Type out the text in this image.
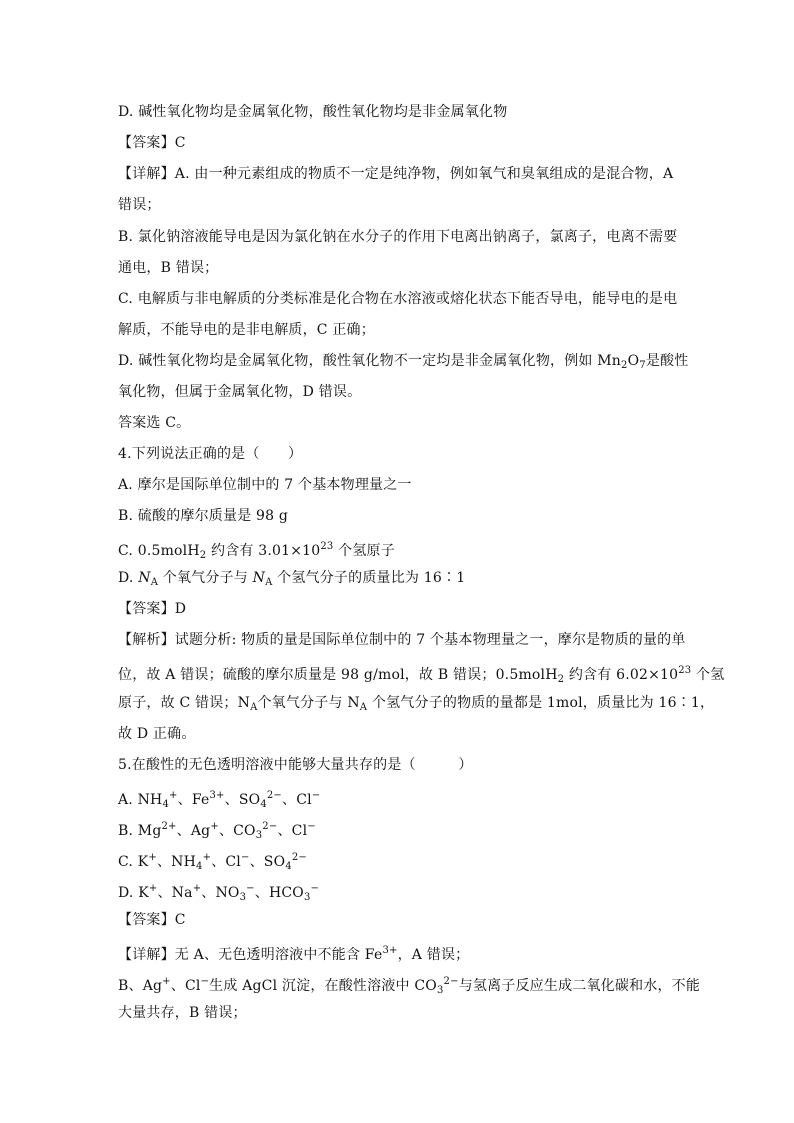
D. 碱性氧化物均是金属氧化物，酸性氧化物均是非金属氧化物
【答案】C
【详解】A. 由一种元素组成的物质不一定是纯净物，例如氧气和臭氧组成的是混合物，A
错误；
B. 氯化钠溶液能导电是因为氯化钠在水分子的作用下电离出钠离子，氯离子，电离不需要
通电，B 错误；
C. 电解质与非电解质的分类标准是化合物在水溶液或熔化状态下能否导电，能导电的是电
解质，不能导电的是非电解质，C 正确；
D. 碱性氧化物均是金属氧化物，酸性氧化物不一定均是非金属氧化物，例如 $Mn_2O_7$是酸性
氧化物，但属于金属氧化物，D 错误。
答案选 C。
4.下列说法正确的是（　　）
A. 摩尔是国际单位制中的 7 个基本物理量之一
B. 硫酸的摩尔质量是 98 g
C. 0.5molH$_2$ 约含有 $3.01\times 10^{23}$ 个氢原子
D. $N_A$ 个氧气分子与 $N_A$ 个氢气分子的质量比为 16∶1
【答案】D
【解析】试题分析: 物质的量是国际单位制中的 7 个基本物理量之一，摩尔是物质的量的单
位，故 A 错误；硫酸的摩尔质量是 98 g/mol，故 B 错误；0.5molH$_2$ 约含有 $6.02\times 10^{23}$ 个氢
原子，故 C 错误；$N_A$个氧气分子与 $N_A$ 个氢气分子的物质的量都是 1mol，质量比为 16∶1，
故 D 正确。
5.在酸性的无色透明溶液中能够大量共存的是（　　　）
A. $NH_4^+$、$Fe^{3+}$、$SO_4^{2-}$、Cl−
B. $Mg^{2+}$、Ag+、$CO_3^{2-}$、Cl−
C. K+、$NH_4^+$、Cl−、$SO_4^{2-}$
D. K+、Na+、$NO_3^-$、$HCO_3^-$
【答案】C
【详解】无 A、无色透明溶液中不能含 $Fe^{3+}$，A 错误；
B、Ag+、Cl−生成 AgCl 沉淀，在酸性溶液中 $CO_3^{2-}$与氢离子反应生成二氧化碳和水，不能
大量共存，B 错误；
